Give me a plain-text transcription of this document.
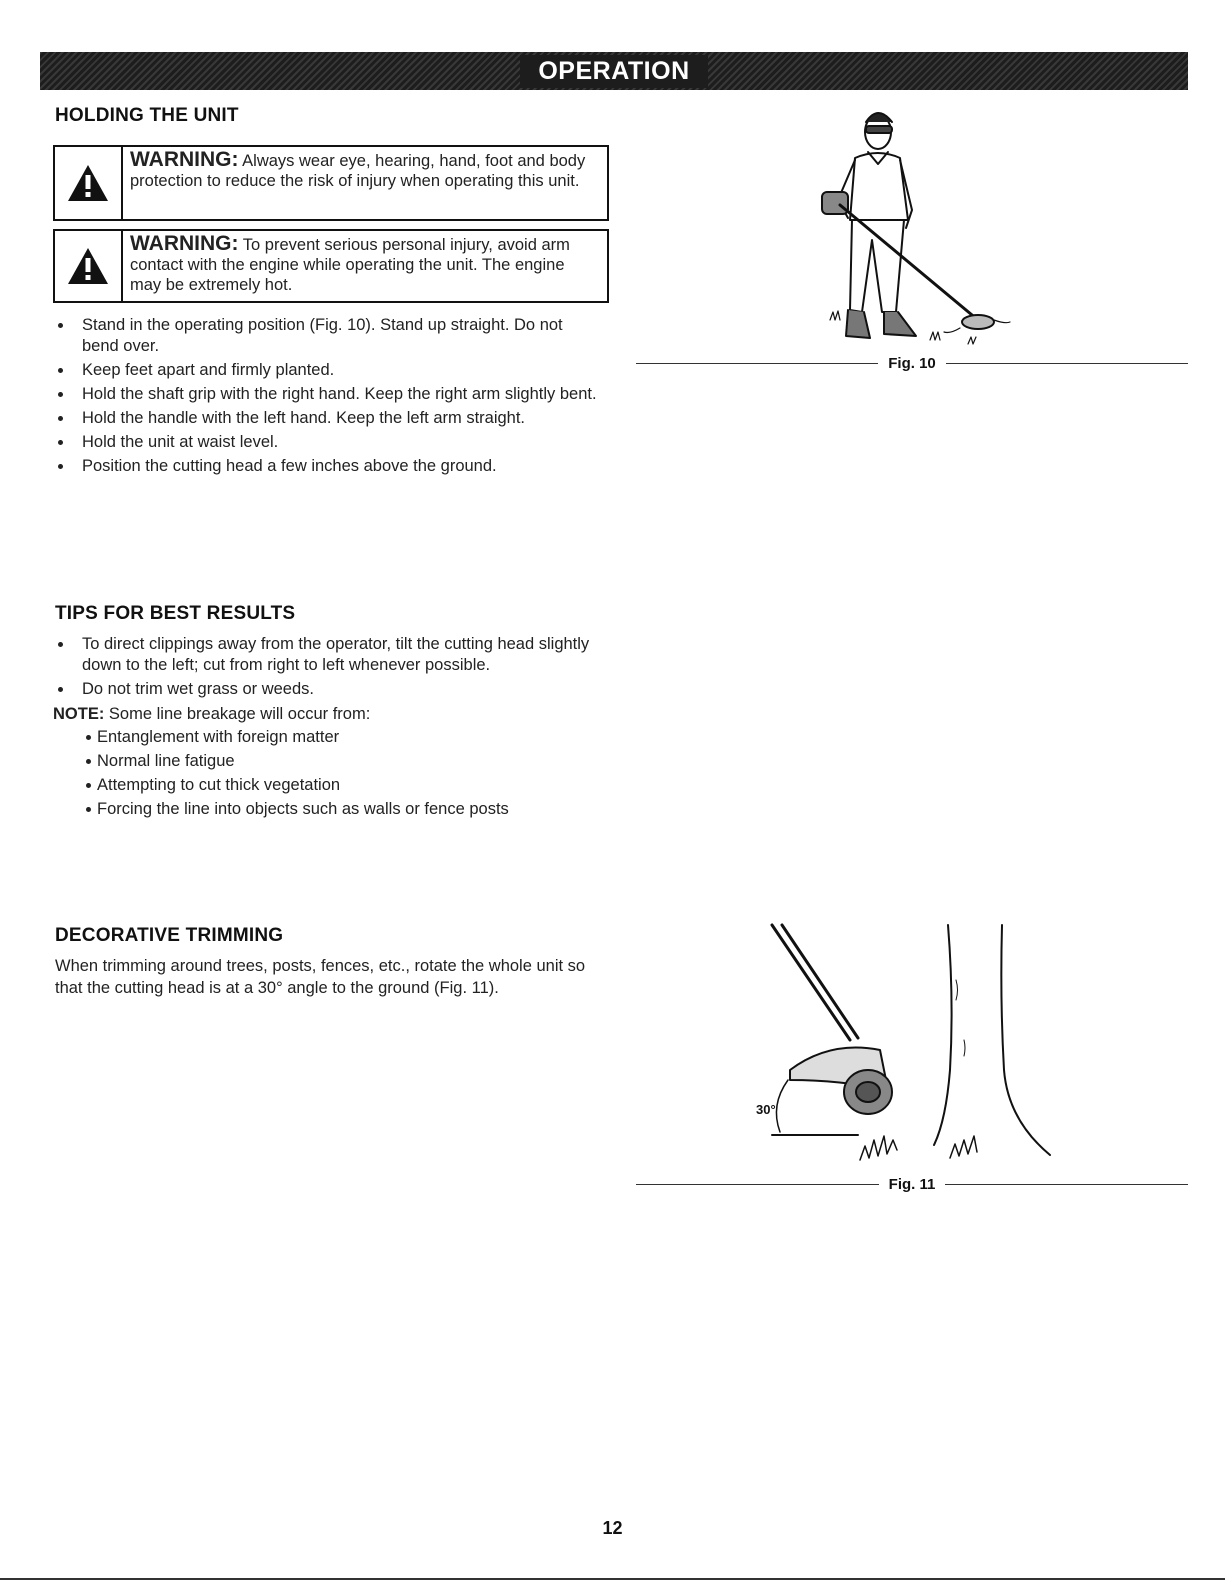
OPERATION
HOLDING THE UNIT
WARNING: Always wear eye, hearing, hand, foot and body protection to reduce the risk of injury when operating this unit.
WARNING: To prevent serious personal injury, avoid arm contact with the engine while operating the unit. The engine may be extremely hot.
Stand in the operating position (Fig. 10). Stand up straight. Do not bend over.
Keep feet apart and firmly planted.
Hold the shaft grip with the right hand. Keep the right arm slightly bent.
Hold the handle with the left hand. Keep the left arm straight.
Hold the unit at waist level.
Position the cutting head a few inches above the ground.
Fig. 10
TIPS FOR BEST RESULTS
To direct clippings away from the operator, tilt the cutting head slightly down to the left; cut from right to left whenever possible.
Do not trim wet grass or weeds.
NOTE: Some line breakage will occur from:
Entanglement with foreign matter
Normal line fatigue
Attempting to cut thick vegetation
Forcing the line into objects such as walls or fence posts
DECORATIVE TRIMMING

When trimming around trees, posts, fences, etc., rotate the whole unit so that the cutting head is at a 30° angle to the ground (Fig. 11).

30°
Fig. 11
12
